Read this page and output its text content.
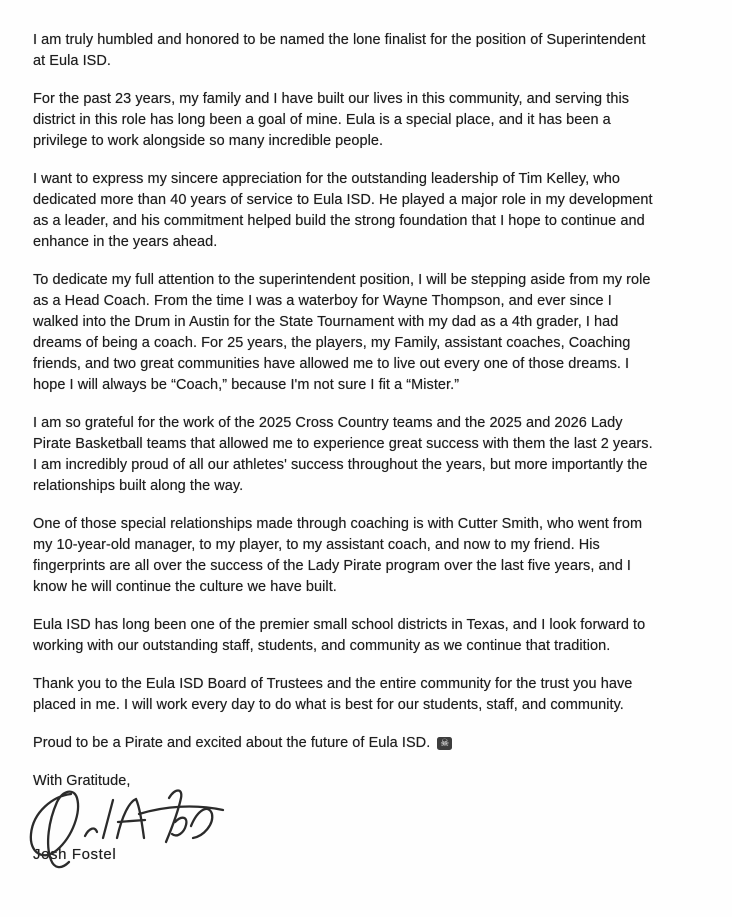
I am truly humbled and honored to be named the lone finalist for the position of Superintendent
at Eula ISD.

For the past 23 years, my family and I have built our lives in this community, and serving this
district in this role has long been a goal of mine. Eula is a special place, and it has been a
privilege to work alongside so many incredible people.

I want to express my sincere appreciation for the outstanding leadership of Tim Kelley, who
dedicated more than 40 years of service to Eula ISD. He played a major role in my development
as a leader, and his commitment helped build the strong foundation that I hope to continue and
enhance in the years ahead.

To dedicate my full attention to the superintendent position, I will be stepping aside from my role
as a Head Coach. From the time I was a waterboy for Wayne Thompson, and ever since I
walked into the Drum in Austin for the State Tournament with my dad as a 4th grader, I had
dreams of being a coach. For 25 years, the players, my Family, assistant coaches, Coaching
friends, and two great communities have allowed me to live out every one of those dreams. I
hope I will always be “Coach,” because I'm not sure I fit a “Mister.”

I am so grateful for the work of the 2025 Cross Country teams and the 2025 and 2026 Lady
Pirate Basketball teams that allowed me to experience great success with them the last 2 years.
I am incredibly proud of all our athletes' success throughout the years, but more importantly the
relationships built along the way.

One of those special relationships made through coaching is with Cutter Smith, who went from
my 10-year-old manager, to my player, to my assistant coach, and now to my friend. His
fingerprints are all over the success of the Lady Pirate program over the last five years, and I
know he will continue the culture we have built.

Eula ISD has long been one of the premier small school districts in Texas, and I look forward to
working with our outstanding staff, students, and community as we continue that tradition.

Thank you to the Eula ISD Board of Trustees and the entire community for the trust you have
placed in me. I will work every day to do what is best for our students, staff, and community.

Proud to be a Pirate and excited about the future of Eula ISD. ☠

With Gratitude,

Josh Fostel
